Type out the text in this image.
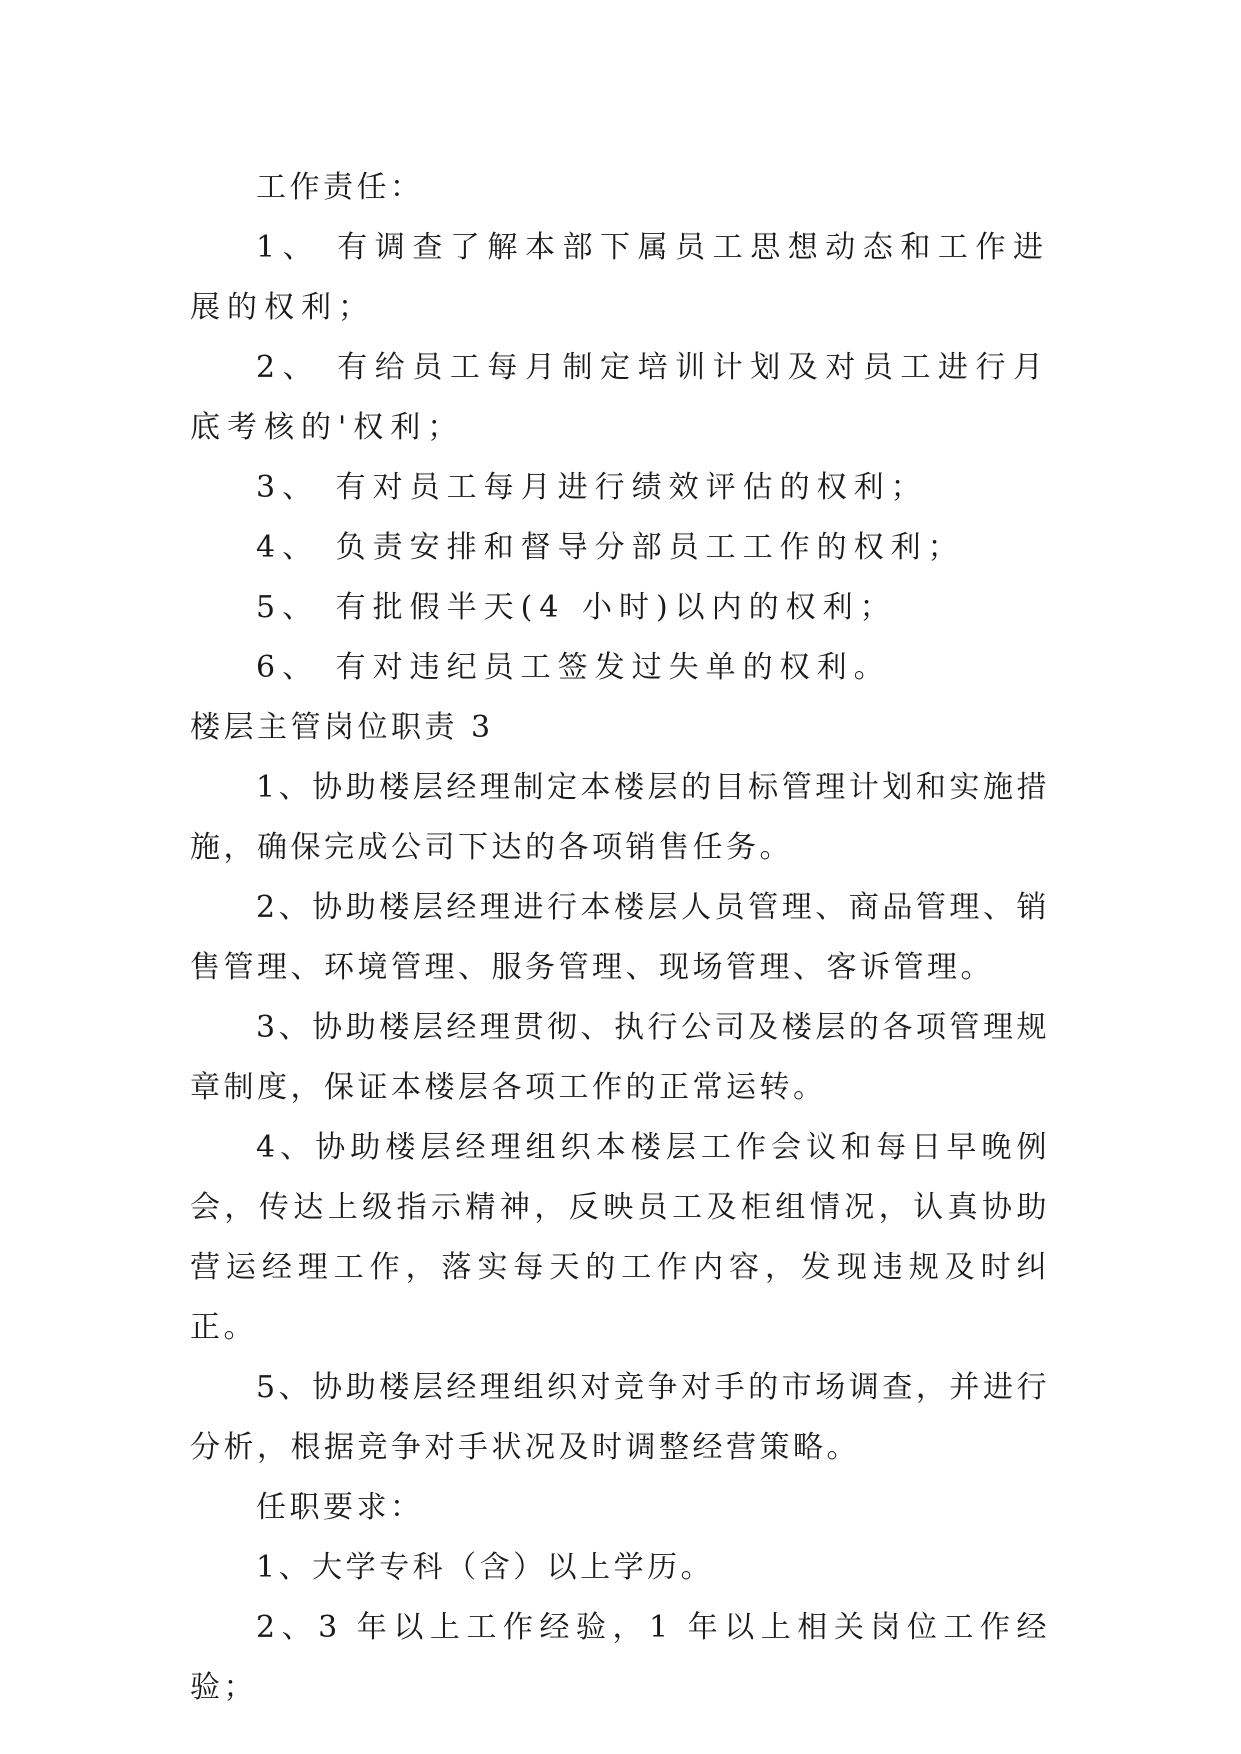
工作责任：

1、 有调查了解本部下属员工思想动态和工作进展的权利；

2、 有给员工每月制定培训计划及对员工进行月底考核的'权利；

3、 有对员工每月进行绩效评估的权利；

4、 负责安排和督导分部员工工作的权利；

5、 有批假半天(4 小时)以内的权利；

6、 有对违纪员工签发过失单的权利。

楼层主管岗位职责 3

1、协助楼层经理制定本楼层的目标管理计划和实施措施，确保完成公司下达的各项销售任务。

2、协助楼层经理进行本楼层人员管理、商品管理、销售管理、环境管理、服务管理、现场管理、客诉管理。

3、协助楼层经理贯彻、执行公司及楼层的各项管理规章制度，保证本楼层各项工作的正常运转。

4、协助楼层经理组织本楼层工作会议和每日早晚例会，传达上级指示精神，反映员工及柜组情况，认真协助营运经理工作，落实每天的工作内容，发现违规及时纠正。

5、协助楼层经理组织对竞争对手的市场调查，并进行分析，根据竞争对手状况及时调整经营策略。

任职要求：

1、大学专科（含）以上学历。

2、3 年以上工作经验，1 年以上相关岗位工作经验；
